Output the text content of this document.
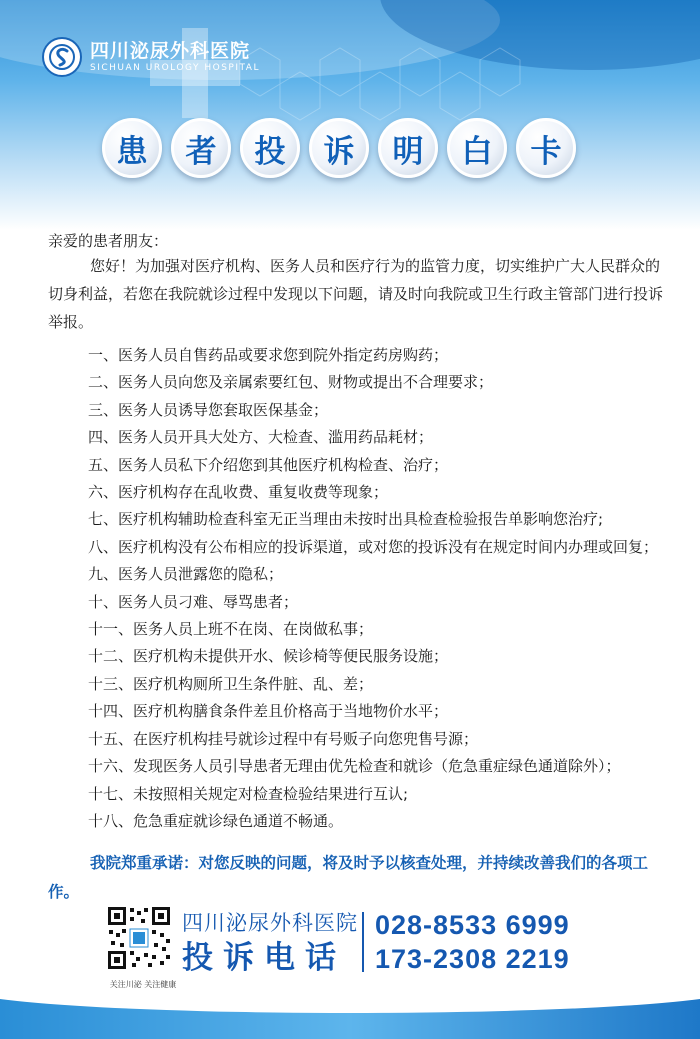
四川泌尿外科医院
SICHUAN UROLOGY HOSPITAL
患	者	投	诉	明	白	卡

亲爱的患者朋友：

您好！为加强对医疗机构、医务人员和医疗行为的监管力度，切实维护广大人民群众的切身利益，若您在我院就诊过程中发现以下问题，请及时向我院或卫生行政主管部门进行投诉举报。

一、医务人员自售药品或要求您到院外指定药房购药；
二、医务人员向您及亲属索要红包、财物或提出不合理要求；
三、医务人员诱导您套取医保基金；
四、医务人员开具大处方、大检查、滥用药品耗材；
五、医务人员私下介绍您到其他医疗机构检查、治疗；
六、医疗机构存在乱收费、重复收费等现象；
七、医疗机构辅助检查科室无正当理由未按时出具检查检验报告单影响您治疗;
八、医疗机构没有公布相应的投诉渠道，或对您的投诉没有在规定时间内办理或回复；
九、医务人员泄露您的隐私；
十、医务人员刁难、辱骂患者；
十一、医务人员上班不在岗、在岗做私事；
十二、医疗机构未提供开水、候诊椅等便民服务设施；
十三、医疗机构厕所卫生条件脏、乱、差；
十四、医疗机构膳食条件差且价格高于当地物价水平；
十五、在医疗机构挂号就诊过程中有号贩子向您兜售号源；
十六、发现医务人员引导患者无理由优先检查和就诊（危急重症绿色通道除外）；
十七、未按照相关规定对检查检验结果进行互认;
十八、危急重症就诊绿色通道不畅通。

我院郑重承诺：对您反映的问题，将及时予以核查处理，并持续改善我们的各项工作。

关注川泌 关注健康
四川泌尿外科医院
投诉电话
028-8533 6999
173-2308 2219
